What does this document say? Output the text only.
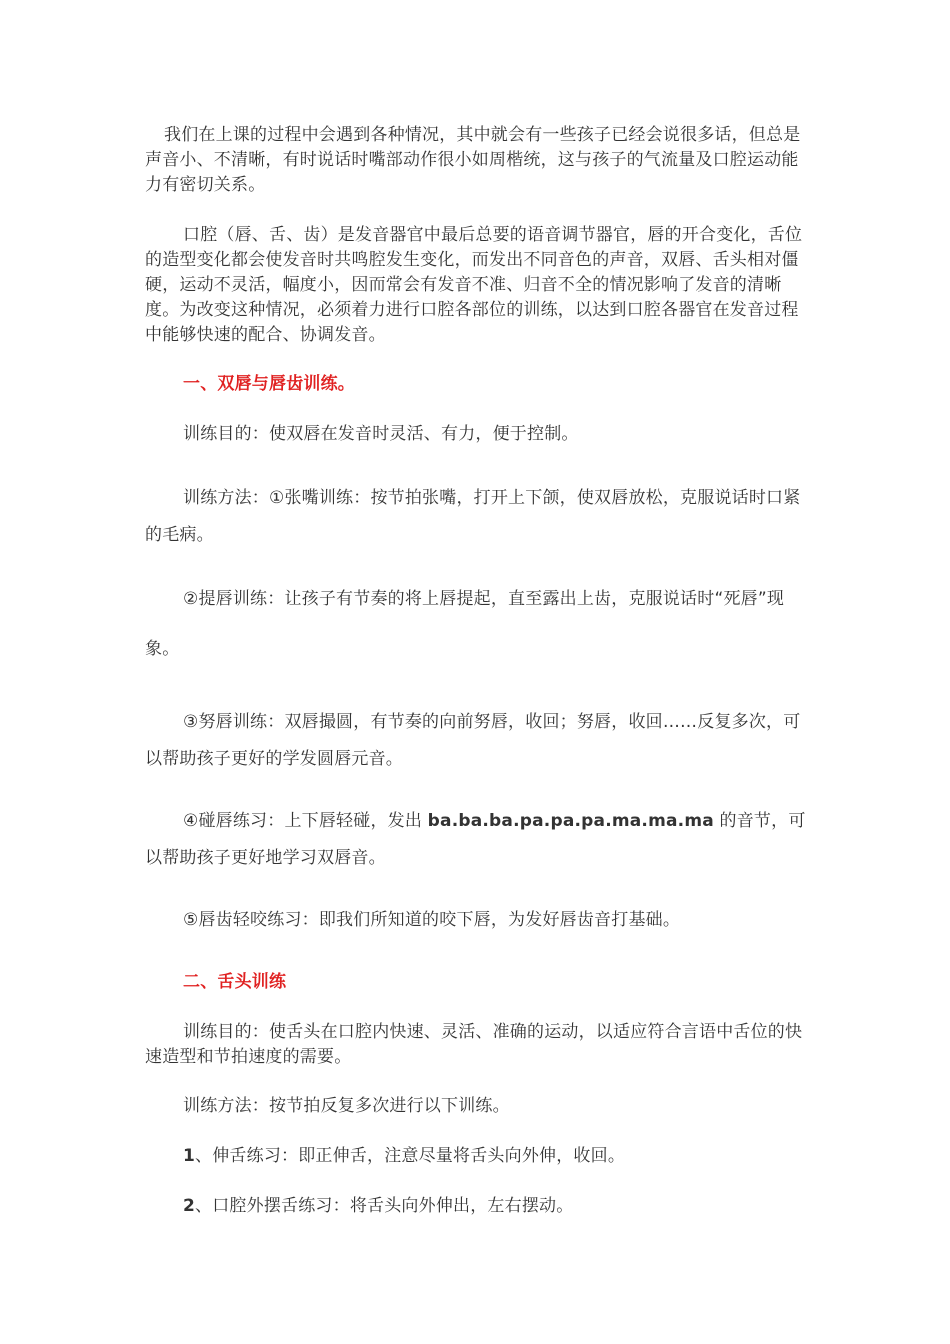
我们在上课的过程中会遇到各种情况，其中就会有一些孩子已经会说很多话，但总是声音小、不清晰，有时说话时嘴部动作很小如周楷统，这与孩子的气流量及口腔运动能力有密切关系。

口腔（唇、舌、齿）是发音器官中最后总要的语音调节器官，唇的开合变化，舌位的造型变化都会使发音时共鸣腔发生变化，而发出不同音色的声音，双唇、舌头相对僵硬，运动不灵活，幅度小，因而常会有发音不准、归音不全的情况影响了发音的清晰度。为改变这种情况，必须着力进行口腔各部位的训练，以达到口腔各器官在发音过程中能够快速的配合、协调发音。

一、双唇与唇齿训练。

训练目的：使双唇在发音时灵活、有力，便于控制。

训练方法：①张嘴训练：按节拍张嘴，打开上下颌，使双唇放松，克服说话时口紧的毛病。

②提唇训练：让孩子有节奏的将上唇提起，直至露出上齿，克服说话时“死唇”现象。

③努唇训练：双唇撮圆，有节奏的向前努唇，收回；努唇，收回……反复多次，可以帮助孩子更好的学发圆唇元音。

④碰唇练习：上下唇轻碰，发出 ba.ba.ba.pa.pa.pa.ma.ma.ma 的音节，可以帮助孩子更好地学习双唇音。

⑤唇齿轻咬练习：即我们所知道的咬下唇，为发好唇齿音打基础。

二、舌头训练

训练目的：使舌头在口腔内快速、灵活、准确的运动，以适应符合言语中舌位的快速造型和节拍速度的需要。

训练方法：按节拍反复多次进行以下训练。

1、伸舌练习：即正伸舌，注意尽量将舌头向外伸，收回。

2、口腔外摆舌练习：将舌头向外伸出，左右摆动。
